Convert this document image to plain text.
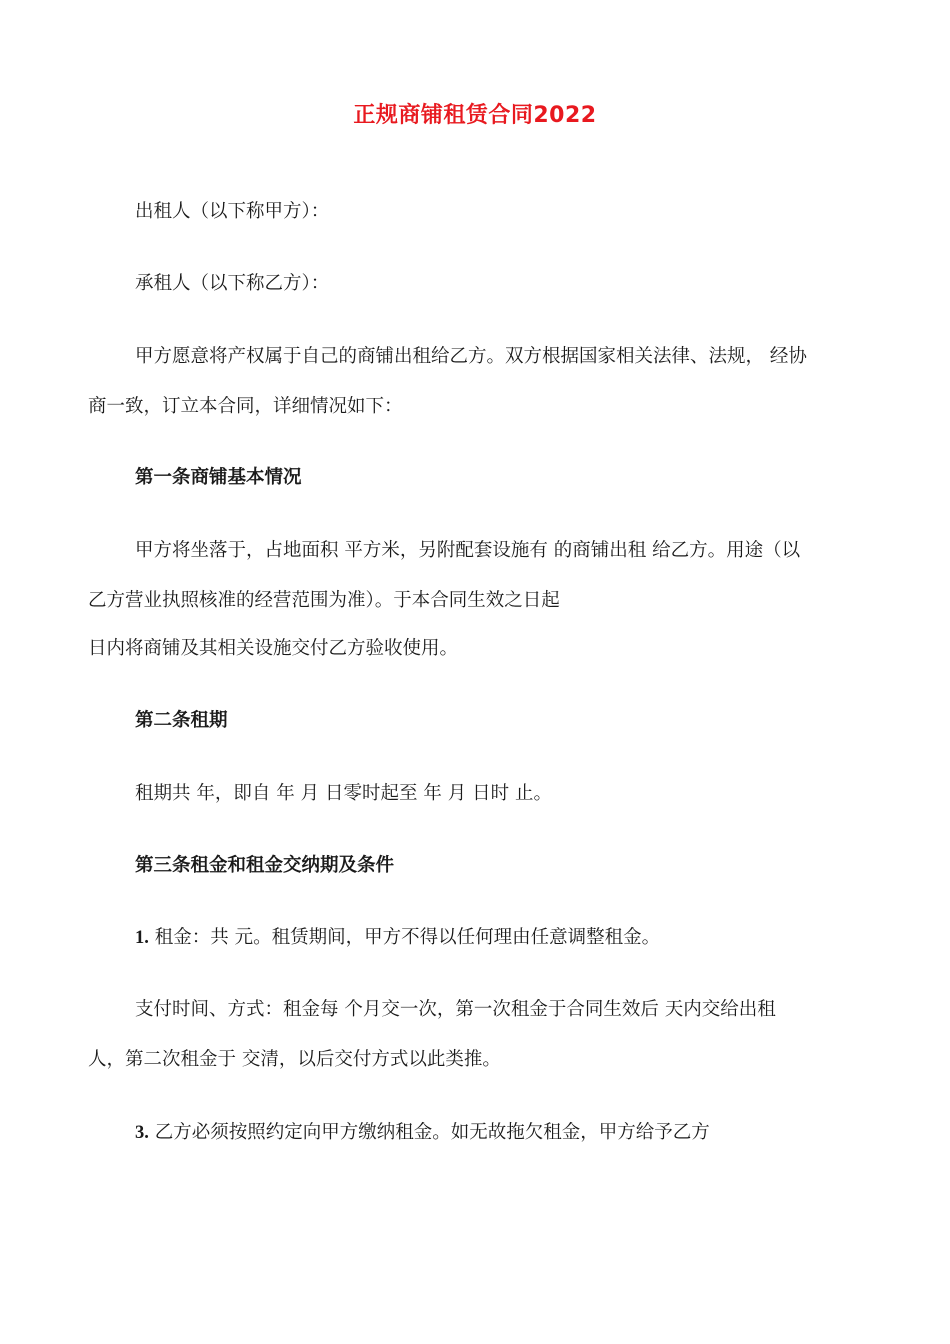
正规商铺租赁合同2022
出租人（以下称甲方）：
承租人（以下称乙方）：
甲方愿意将产权属于自己的商铺出租给乙方。双方根据国家相关法律、法规， 经协
商一致，订立本合同，详细情况如下：
第一条商铺基本情况
甲方将坐落于，占地面积 平方米，另附配套设施有 的商铺出租 给乙方。用途（以
乙方营业执照核准的经营范围为准）。于本合同生效之日起
日内将商铺及其相关设施交付乙方验收使用。
第二条租期
租期共 年，即自 年 月 日零时起至 年 月 日时 止。
第三条租金和租金交纳期及条件
1. 租金：共 元。租赁期间，甲方不得以任何理由任意调整租金。
支付时间、方式：租金每 个月交一次，第一次租金于合同生效后 天内交给出租
人，第二次租金于 交清，以后交付方式以此类推。
3. 乙方必须按照约定向甲方缴纳租金。如无故拖欠租金，甲方给予乙方
